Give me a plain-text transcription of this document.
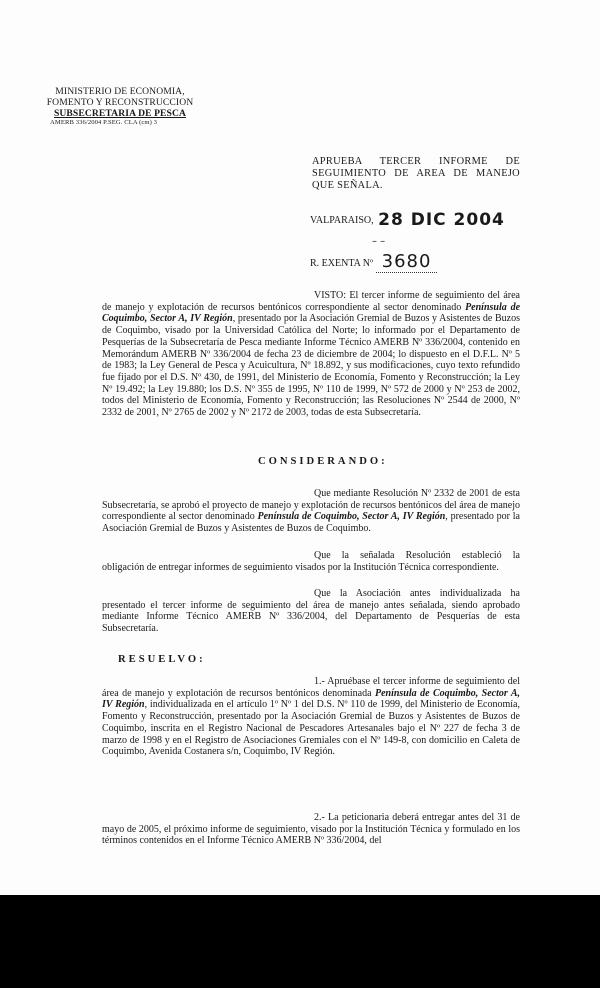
MINISTERIO DE ECONOMIA,
FOMENTO Y RECONSTRUCCION
SUBSECRETARIA DE PESCA
AMERB 336/2004 P.SEG. CLA (cm) 3
APRUEBA TERCER INFORME DE SEGUIMIENTO DE AREA DE MANEJO QUE SEÑALA.
VALPARAISO, 28 DIC 2004
– –
R. EXENTA Nº 3680
VISTO: El tercer informe de seguimiento del área de manejo y explotación de recursos bentónicos correspondiente al sector denominado Península de Coquimbo, Sector A, IV Región, presentado por la Asociación Gremial de Buzos y Asistentes de Buzos de Coquimbo, visado por la Universidad Católica del Norte; lo informado por el Departamento de Pesquerías de la Subsecretaría de Pesca mediante Informe Técnico AMERB Nº 336/2004, contenido en Memorándum AMERB Nº 336/2004 de fecha 23 de diciembre de 2004; lo dispuesto en el D.F.L. Nº 5 de 1983; la Ley General de Pesca y Acuicultura, Nº 18.892, y sus modificaciones, cuyo texto refundido fue fijado por el D.S. Nº 430, de 1991, del Ministerio de Economía, Fomento y Reconstrucción; la Ley Nº 19.492; la Ley 19.880; los D.S. Nº 355 de 1995, Nº 110 de 1999, Nº 572 de 2000 y Nº 253 de 2002, todos del Ministerio de Economía, Fomento y Reconstrucción; las Resoluciones Nº 2544 de 2000, Nº 2332 de 2001, Nº 2765 de 2002 y Nº 2172 de 2003, todas de esta Subsecretaría.
CONSIDERANDO:
Que mediante Resolución Nº 2332 de 2001 de esta Subsecretaría, se aprobó el proyecto de manejo y explotación de recursos bentónicos del área de manejo correspondiente al sector denominado Península de Coquimbo, Sector A, IV Región, presentado por la Asociación Gremial de Buzos y Asistentes de Buzos de Coquimbo.
Que la señalada Resolución estableció la obligación de entregar informes de seguimiento visados por la Institución Técnica correspondiente.
Que la Asociación antes individualizada ha presentado el tercer informe de seguimiento del área de manejo antes señalada, siendo aprobado mediante Informe Técnico AMERB Nº 336/2004, del Departamento de Pesquerías de esta Subsecretaría.
RESUELVO:
1.- Apruébase el tercer informe de seguimiento del área de manejo y explotación de recursos bentónicos denominada Península de Coquimbo, Sector A, IV Región, individualizada en el artículo 1º Nº 1 del D.S. Nº 110 de 1999, del Ministerio de Economía, Fomento y Reconstrucción, presentado por la Asociación Gremial de Buzos y Asistentes de Buzos de Coquimbo, inscrita en el Registro Nacional de Pescadores Artesanales bajo el Nº 227 de fecha 3 de marzo de 1998 y en el Registro de Asociaciones Gremiales con el Nº 149-8, con domicilio en Caleta de Coquimbo, Avenida Costanera s/n, Coquimbo, IV Región.
2.- La peticionaria deberá entregar antes del 31 de mayo de 2005, el próximo informe de seguimiento, visado por la Institución Técnica y formulado en los términos contenidos en el Informe Técnico AMERB Nº 336/2004, del
